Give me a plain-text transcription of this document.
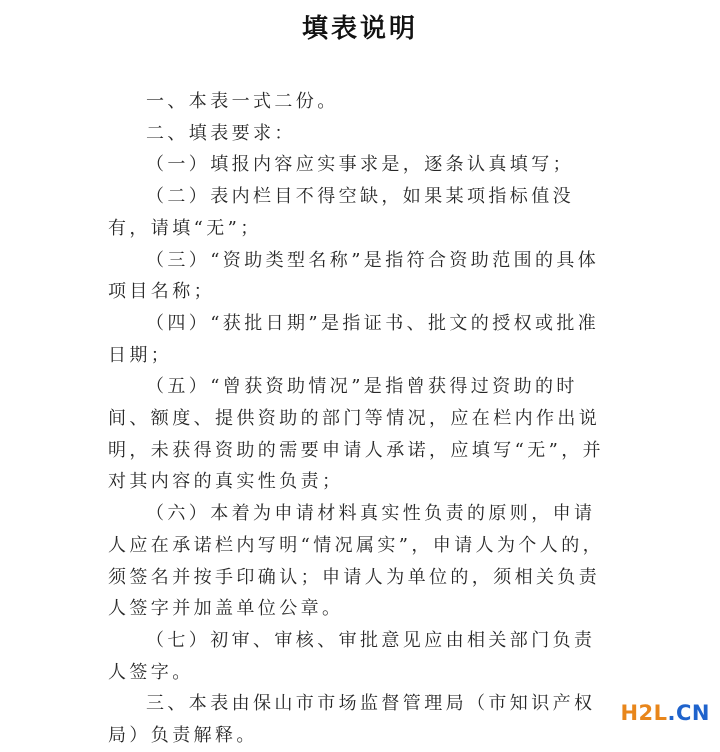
填表说明

一、本表一式二份。

二、填表要求：

（一）填报内容应实事求是，逐条认真填写；

（二）表内栏目不得空缺，如果某项指标值没有，请填“无”；

（三）“资助类型名称”是指符合资助范围的具体项目名称；

（四）“获批日期”是指证书、批文的授权或批准日期；

（五）“曾获资助情况”是指曾获得过资助的时间、额度、提供资助的部门等情况，应在栏内作出说明，未获得资助的需要申请人承诺，应填写“无”，并对其内容的真实性负责；

（六）本着为申请材料真实性负责的原则，申请人应在承诺栏内写明“情况属实”，申请人为个人的，须签名并按手印确认；申请人为单位的，须相关负责人签字并加盖单位公章。

（七）初审、审核、审批意见应由相关部门负责人签字。

三、本表由保山市市场监督管理局（市知识产权局）负责解释。

H2L.CN
